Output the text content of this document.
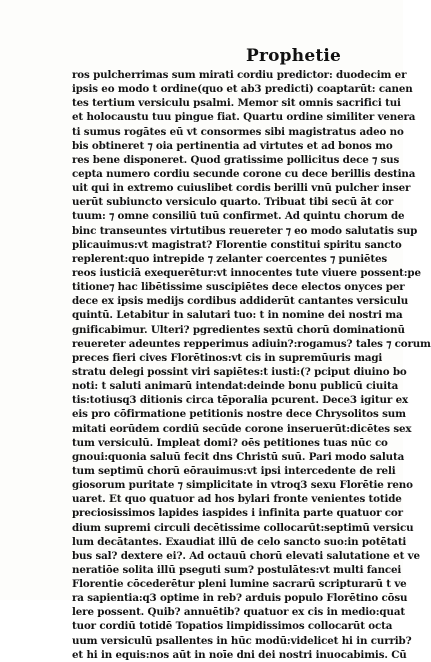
Prophetie
ros pulcherrimas sum mirati cordiu predictor: duodecim er
ipsis eo modo t ordine(quo et ab3 predicti) coaptarūt: canen
tes tertium versiculu psalmi. Memor sit omnis sacrifici tui
et holocaustu tuu pingue fiat. Quartu ordine similiter venera
ti sumus rogātes eū vt consormes sibi magistratus adeo no
bis obtineret ⁊ oia pertinentia ad virtutes et ad bonos mo
res bene disponeret. Quod gratissime pollicitus dece ⁊ sus
cepta numero cordiu secunde corone cu dece berillis destina
uit qui in extremo cuiuslibet cordis berilli vnū pulcher inser
uerūt subiuncto versiculo quarto. Tribuat tibi secū āt cor
tuum: ⁊ omne consiliū tuū confirmet. Ad quintu chorum de
binc transeuntes virtutibus reuereter ⁊ eo modo salutatis sup
plicauimus:vt magistrat? Florentie constitui spiritu sancto
replerent:quo intrepide ⁊ zelanter coercentes ⁊ puniētes
reos iusticiā exequerētur:vt innocentes tute viuere possent:pe
titione⁊ hac libētissime suscipiētes dece electos onyces per
dece ex ipsis medijs cordibus addiderūt cantantes versiculu
quintū. Letabitur in salutari tuo: t in nomine dei nostri ma
gnificabimur. Ulteri? pgredientes sextū chorū dominationū
reuereter adeuntes repperimus adiuin?:rogamus? tales ⁊ corum
preces fieri cives Florētinos:vt cis in supremūuris magi
stratu delegi possint viri sapiētes:t iusti:(? pciput diuino bo
noti: t saluti animarū intendat:deinde bonu publicū ciuita
tis:totiusq3 ditionis circa tēporalia pcurent. Dece3 igitur ex
eis pro cōfirmatione petitionis nostre dece Chrysolitos sum
mitati eorūdem cordiū secūde corone inseruerūt:dicētes sex
tum versiculū. Impleat domi? oēs petitiones tuas nūc co
gnoui:quonia saluū fecit dns Christū suū. Pari modo saluta
tum septimū chorū eōrauimus:vt ipsi intercedente de reli
giosorum puritate ⁊ simplicitate in vtroq3 sexu Florētie reno
uaret. Et quo quatuor ad hos bylari fronte venientes totide
preciosissimos lapides iaspides i infinita parte quatuor cor
dium supremi circuli decētissime collocarūt:septimū versicu
lum decātantes. Exaudiat illū de celo sancto suo:in potētati
bus sal? dextere ei?. Ad octauū chorū elevati salutatione et ve
neratiōe solita illū pseguti sum? postulātes:vt multi fancei
Florentie cōcederētur pleni lumine sacrarū scripturarū t ve
ra sapientia:q3 optime in reb? arduis populo Florētino cōsu
lere possent. Quib? annuētib? quatuor ex cis in medio:quat
tuor cordiū totidē Topatios limpidissimos collocarūt octa
uum versiculū psallentes in hūc modū:videlicet hi in currib?
et hi in equis:nos aūt in noīe dni dei nostri inuocabimis. Cū
